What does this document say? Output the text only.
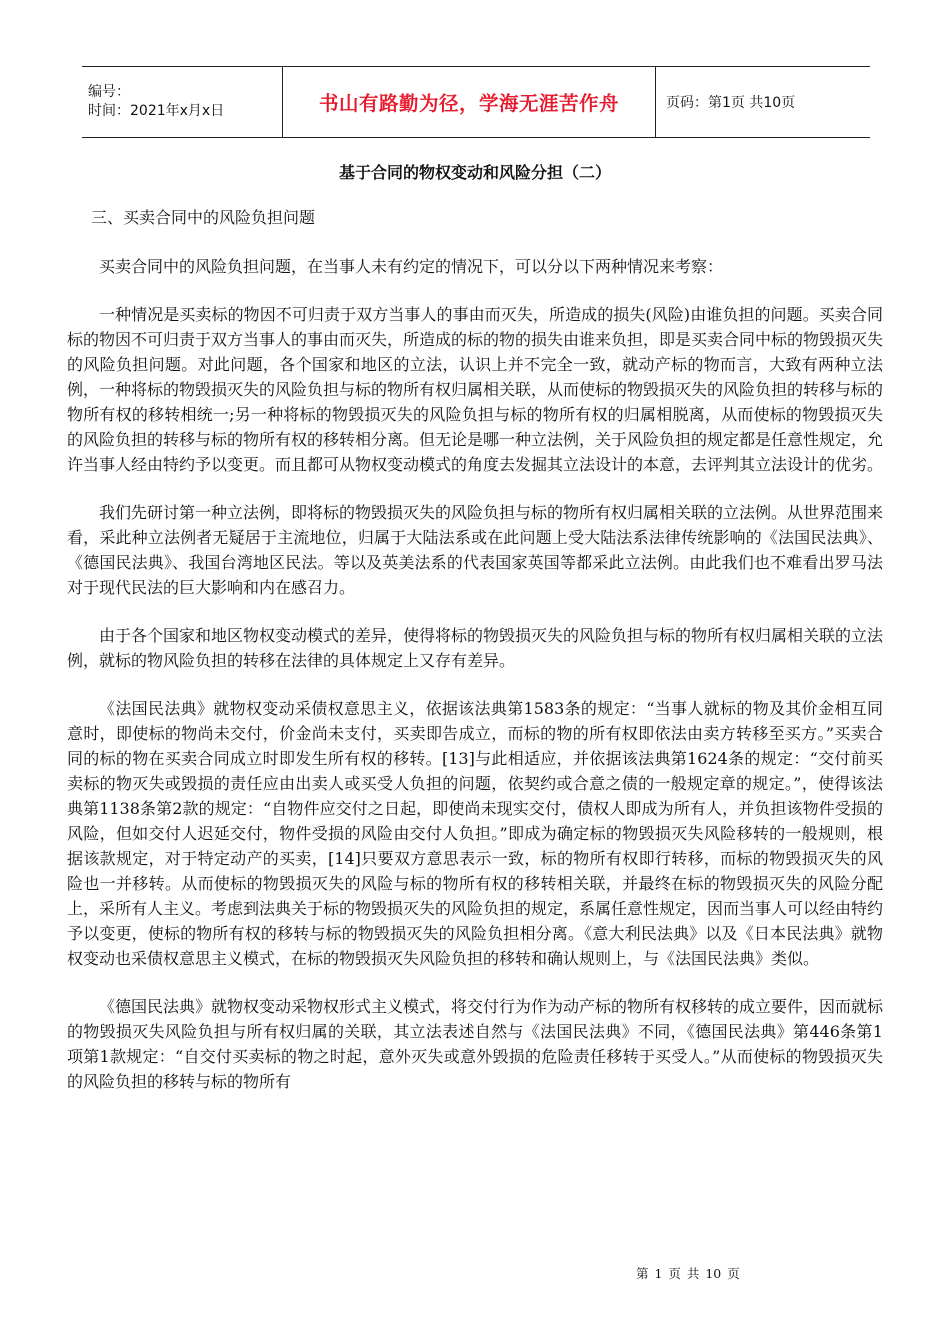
编号：
时间：2021年x月x日	书山有路勤为径，学海无涯苦作舟	页码：第1页 共10页
基于合同的物权变动和风险分担（二）
三、买卖合同中的风险负担问题

买卖合同中的风险负担问题，在当事人未有约定的情况下，可以分以下两种情况来考察：

一种情况是买卖标的物因不可归责于双方当事人的事由而灭失，所造成的损失(风险)由谁负担的问题。买卖合同标的物因不可归责于双方当事人的事由而灭失，所造成的标的物的损失由谁来负担，即是买卖合同中标的物毁损灭失的风险负担问题。对此问题，各个国家和地区的立法，认识上并不完全一致，就动产标的物而言，大致有两种立法例，一种将标的物毁损灭失的风险负担与标的物所有权归属相关联，从而使标的物毁损灭失的风险负担的转移与标的物所有权的移转相统一;另一种将标的物毁损灭失的风险负担与标的物所有权的归属相脱离，从而使标的物毁损灭失的风险负担的转移与标的物所有权的移转相分离。但无论是哪一种立法例，关于风险负担的规定都是任意性规定，允许当事人经由特约予以变更。而且都可从物权变动模式的角度去发掘其立法设计的本意，去评判其立法设计的优劣。

我们先研讨第一种立法例，即将标的物毁损灭失的风险负担与标的物所有权归属相关联的立法例。从世界范围来看，采此种立法例者无疑居于主流地位，归属于大陆法系或在此问题上受大陆法系法律传统影响的《法国民法典》、《德国民法典》、我国台湾地区民法。等以及英美法系的代表国家英国等都采此立法例。由此我们也不难看出罗马法对于现代民法的巨大影响和内在感召力。

由于各个国家和地区物权变动模式的差异，使得将标的物毁损灭失的风险负担与标的物所有权归属相关联的立法例，就标的物风险负担的转移在法律的具体规定上又存有差异。

《法国民法典》就物权变动采债权意思主义，依据该法典第1583条的规定：“当事人就标的物及其价金相互同意时，即使标的物尚未交付，价金尚未支付，买卖即告成立，而标的物的所有权即依法由卖方转移至买方。”买卖合同的标的物在买卖合同成立时即发生所有权的移转。[13]与此相适应，并依据该法典第1624条的规定：“交付前买卖标的物灭失或毁损的责任应由出卖人或买受人负担的问题，依契约或合意之债的一般规定章的规定。”，使得该法典第1138条第2款的规定：“自物件应交付之日起，即使尚未现实交付，债权人即成为所有人，并负担该物件受损的风险，但如交付人迟延交付，物件受损的风险由交付人负担。”即成为确定标的物毁损灭失风险移转的一般规则，根据该款规定，对于特定动产的买卖，[14]只要双方意思表示一致，标的物所有权即行转移，而标的物毁损灭失的风险也一并移转。从而使标的物毁损灭失的风险与标的物所有权的移转相关联，并最终在标的物毁损灭失的风险分配上，采所有人主义。考虑到法典关于标的物毁损灭失的风险负担的规定，系属任意性规定，因而当事人可以经由特约予以变更，使标的物所有权的移转与标的物毁损灭失的风险负担相分离。《意大利民法典》以及《日本民法典》就物权变动也采债权意思主义模式，在标的物毁损灭失风险负担的移转和确认规则上，与《法国民法典》类似。

《德国民法典》就物权变动采物权形式主义模式，将交付行为作为动产标的物所有权移转的成立要件，因而就标的物毁损灭失风险负担与所有权归属的关联，其立法表述自然与《法国民法典》不同，《德国民法典》第446条第1项第1款规定：“自交付买卖标的物之时起，意外灭失或意外毁损的危险责任移转于买受人。”从而使标的物毁损灭失的风险负担的移转与标的物所有

第 1 页 共 10 页
